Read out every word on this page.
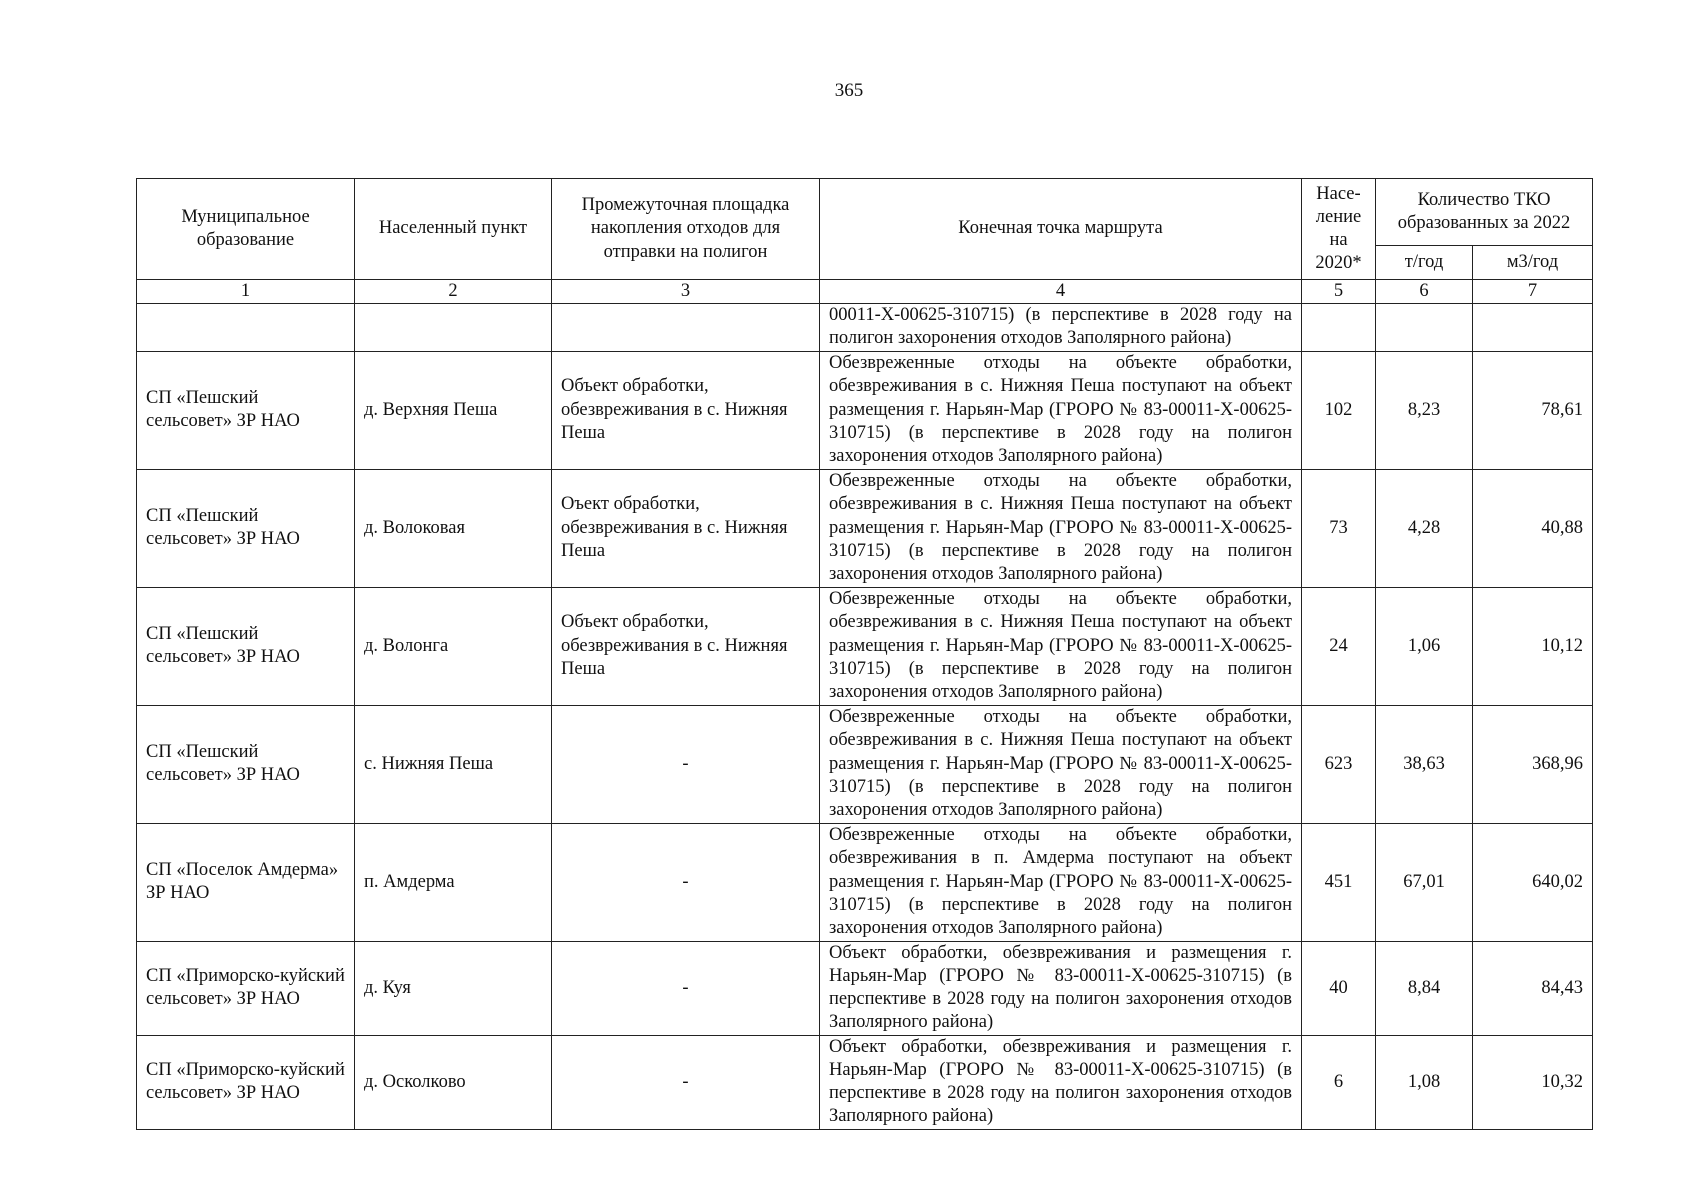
365
Муниципальное образование	Населенный пункт	Промежуточная площадка накопления отходов для отправки на полигон	Конечная точка маршрута	Насе-ление на 2020*	Количество ТКО образованных за 2022	
					т/год	м3/год
1	2	3	4	5	6	7
			00011-Х-00625-310715) (в перспективе в 2028 году на полигон захоронения отходов Заполярного района)			
СП «Пешский сельсовет» ЗР НАО	д. Верхняя Пеша	Объект обработки, обезвреживания в с. Нижняя Пеша	Обезвреженные отходы на объекте обработки, обезвреживания в с. Нижняя Пеша поступают на объект размещения г. Нарьян-Мар (ГРОРО № 83-00011-Х-00625-310715) (в перспективе в 2028 году на полигон захоронения отходов Заполярного района)	102	8,23	78,61
СП «Пешский сельсовет» ЗР НАО	д. Волоковая	Оъект обработки, обезвреживания в с. Нижняя Пеша	Обезвреженные отходы на объекте обработки, обезвреживания в с. Нижняя Пеша поступают на объект размещения г. Нарьян-Мар (ГРОРО № 83-00011-Х-00625-310715) (в перспективе в 2028 году на полигон захоронения отходов Заполярного района)	73	4,28	40,88
СП «Пешский сельсовет» ЗР НАО	д. Волонга	Объект обработки, обезвреживания в с. Нижняя Пеша	Обезвреженные отходы на объекте обработки, обезвреживания в с. Нижняя Пеша поступают на объект размещения г. Нарьян-Мар (ГРОРО № 83-00011-Х-00625-310715) (в перспективе в 2028 году на полигон захоронения отходов Заполярного района)	24	1,06	10,12
СП «Пешский сельсовет» ЗР НАО	с. Нижняя Пеша	-	Обезвреженные отходы на объекте обработки, обезвреживания в с. Нижняя Пеша поступают на объект размещения г. Нарьян-Мар (ГРОРО № 83-00011-Х-00625-310715) (в перспективе в 2028 году на полигон захоронения отходов Заполярного района)	623	38,63	368,96
СП «Поселок Амдерма» ЗР НАО	п. Амдерма	-	Обезвреженные отходы на объекте обработки, обезвреживания в п. Амдерма поступают на объект размещения г. Нарьян-Мар (ГРОРО № 83-00011-Х-00625-310715) (в перспективе в 2028 году на полигон захоронения отходов Заполярного района)	451	67,01	640,02
СП «Приморско-куйский сельсовет» ЗР НАО	д. Куя	-	Объект обработки, обезвреживания и размещения г. Нарьян-Мар (ГРОРО № 83-00011-Х-00625-310715) (в перспективе в 2028 году на полигон захоронения отходов Заполярного района)	40	8,84	84,43
СП «Приморско-куйский сельсовет» ЗР НАО	д. Осколково	-	Объект обработки, обезвреживания и размещения г. Нарьян-Мар (ГРОРО № 83-00011-Х-00625-310715) (в перспективе в 2028 году на полигон захоронения отходов Заполярного района)	6	1,08	10,32
